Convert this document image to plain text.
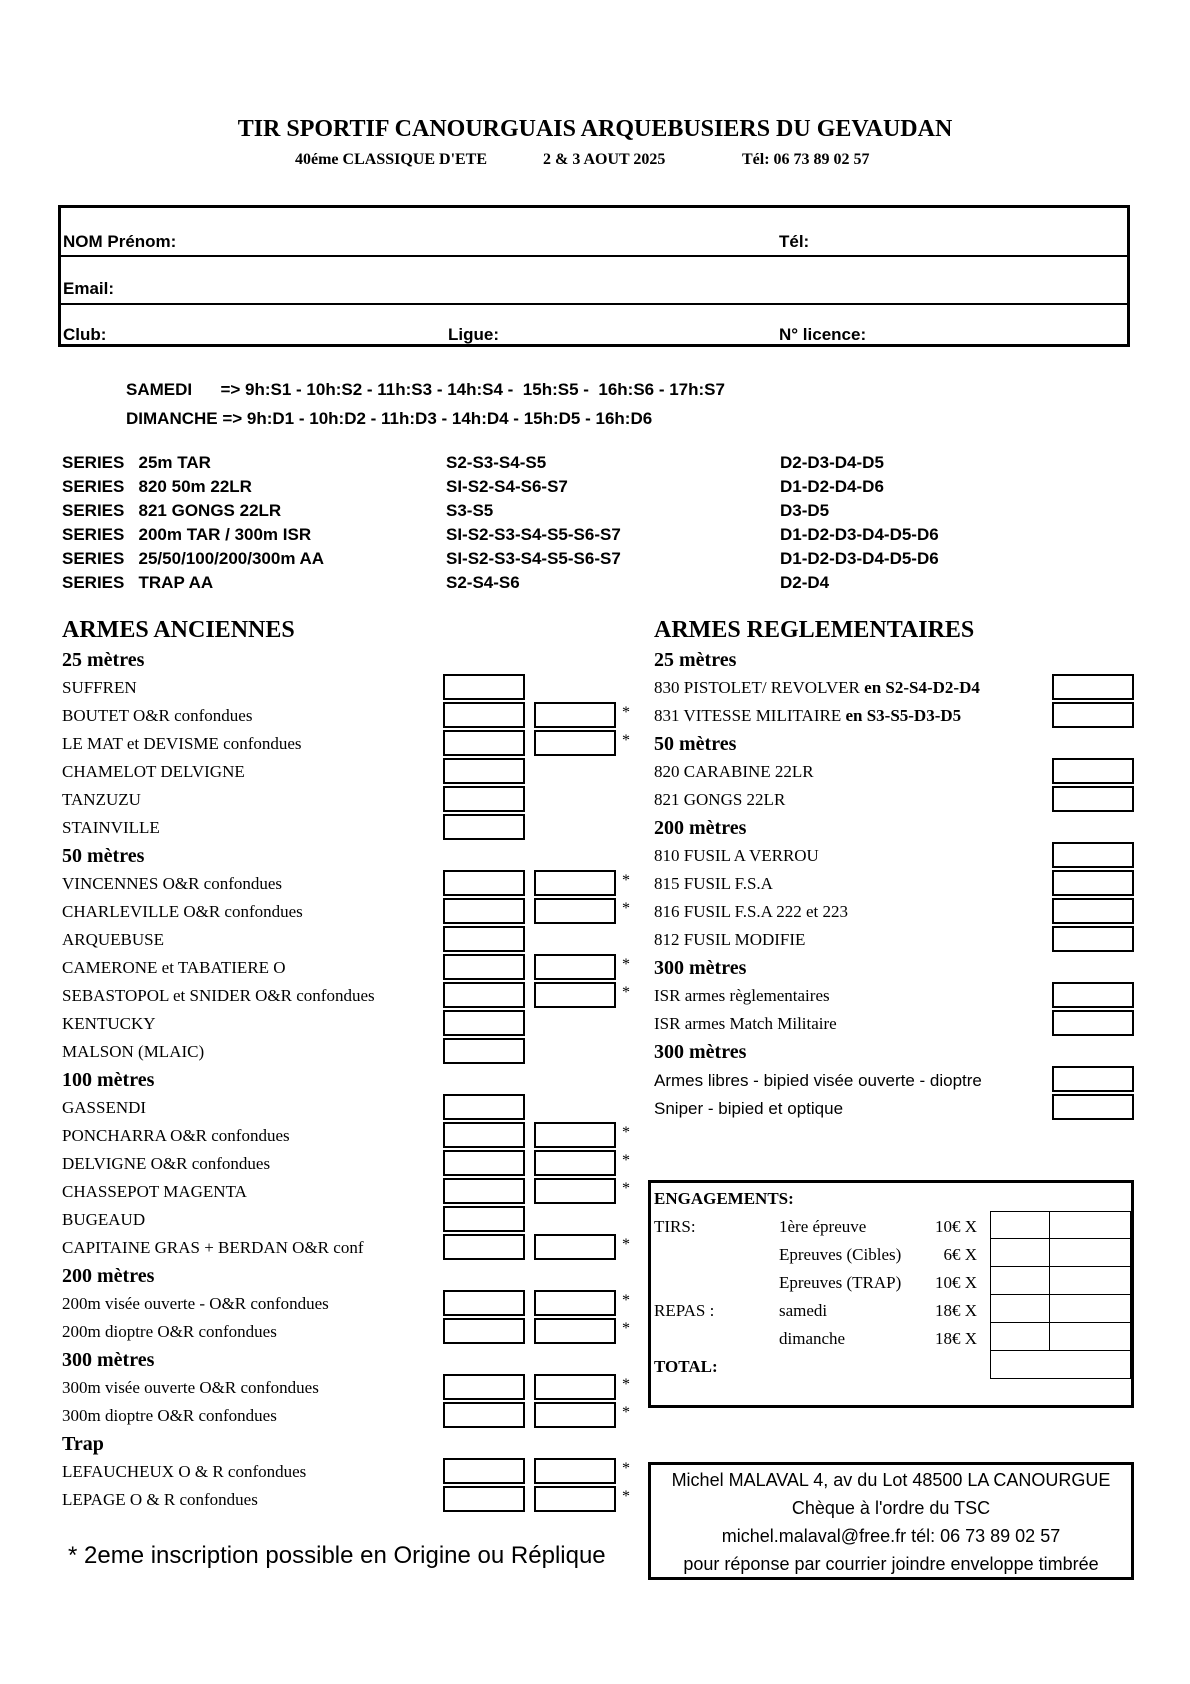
TIR SPORTIF CANOURGUAIS ARQUEBUSIERS DU GEVAUDAN

40éme CLASSIQUE D'ETE

	2 & 3 AOUT 2025

	Tél: 06 73 89 02 57

NOM Prénom:	Tél:
Email:
Club:	Ligue:	N° licence:
SAMEDI      => 9h:S1 - 10h:S2 - 11h:S3 - 14h:S4 -  15h:S5 -  16h:S6 - 17h:S7
DIMANCHE => 9h:D1 - 10h:D2 - 11h:D3 - 14h:D4 - 15h:D5 - 16h:D6
SERIES   25m TAR	S2-S3-S4-S5	D2-D3-D4-D5
SERIES   820 50m 22LR	SI-S2-S4-S6-S7	D1-D2-D4-D6
SERIES   821 GONGS 22LR	S3-S5	D3-D5
SERIES   200m TAR / 300m ISR	SI-S2-S3-S4-S5-S6-S7	D1-D2-D3-D4-D5-D6
SERIES   25/50/100/200/300m AA	SI-S2-S3-S4-S5-S6-S7	D1-D2-D3-D4-D5-D6
SERIES   TRAP AA	S2-S4-S6	D2-D4
ARMES ANCIENNES
25 mètres
SUFFREN
BOUTET O&R confondues	*
LE MAT et DEVISME confondues	*
CHAMELOT DELVIGNE
TANZUZU
STAINVILLE
50 mètres
VINCENNES O&R confondues	*
CHARLEVILLE O&R confondues	*
ARQUEBUSE
CAMERONE et TABATIERE O	*
SEBASTOPOL et SNIDER O&R confondues	*
KENTUCKY
MALSON (MLAIC)
100 mètres
GASSENDI
PONCHARRA O&R confondues	*
DELVIGNE O&R confondues	*
CHASSEPOT MAGENTA	*
BUGEAUD
CAPITAINE GRAS + BERDAN O&R conf	*
200 mètres
200m visée ouverte - O&R confondues	*
200m dioptre O&R confondues	*
300 mètres
300m visée ouverte O&R confondues	*
300m dioptre O&R confondues	*
Trap
LEFAUCHEUX O & R confondues	*
LEPAGE O & R confondues	*
ARMES REGLEMENTAIRES
25 mètres
830 PISTOLET/ REVOLVER en S2-S4-D2-D4
831 VITESSE MILITAIRE en S3-S5-D3-D5
50 mètres
820 CARABINE 22LR
821 GONGS 22LR
200 mètres
810 FUSIL A VERROU
815 FUSIL F.S.A
816 FUSIL F.S.A 222 et 223
812 FUSIL MODIFIE
300 mètres
ISR armes règlementaires
ISR armes Match Militaire
300 mètres
Armes libres - bipied visée ouverte - dioptre
Sniper - bipied et optique
ENGAGEMENTS:
TIRS:	1ère épreuve	10€ X
Epreuves (Cibles)	6€ X
Epreuves (TRAP)	10€ X
REPAS :	samedi	18€ X
dimanche	18€ X
TOTAL:
Michel MALAVAL 4, av du Lot 48500 LA CANOURGUE
Chèque à l'ordre du TSC
michel.malaval@free.fr tél: 06 73 89 02 57
pour réponse par courrier joindre enveloppe timbrée
* 2eme inscription possible en Origine ou Réplique
